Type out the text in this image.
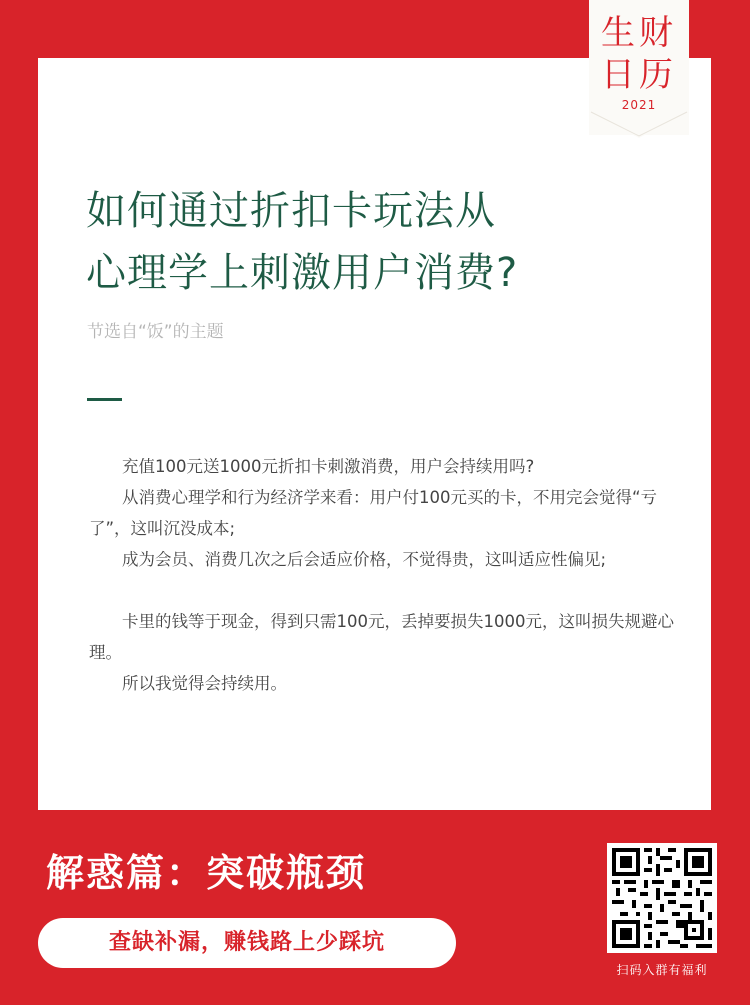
如何通过折扣卡玩法从
心理学上刺激用户消费?
节选自“饭”的主题
　　充值100元送1000元折扣卡刺激消费，用户会持续用吗?
　　从消费心理学和行为经济学来看：用户付100元买的卡，不用完会觉得“亏了”，这叫沉没成本;
　　成为会员、消费几次之后会适应价格，不觉得贵，这叫适应性偏见;
　　卡里的钱等于现金，得到只需100元，丢掉要损失1000元，这叫损失规避心理。
　　所以我觉得会持续用。
生财
日历
2021
解惑篇：突破瓶颈
查缺补漏，赚钱路上少踩坑
扫码入群有福利
